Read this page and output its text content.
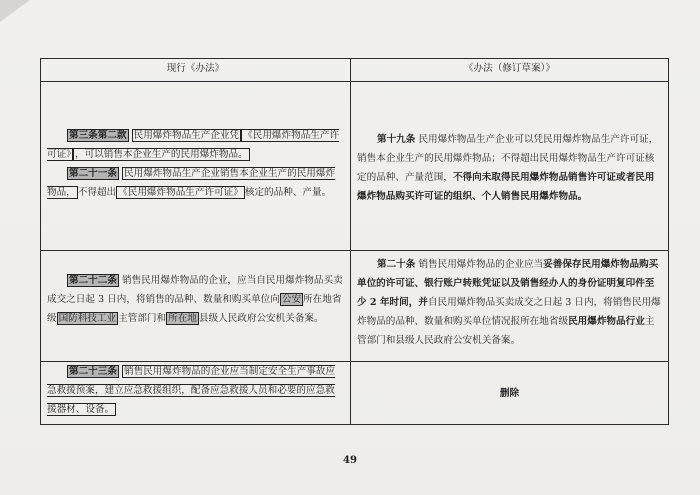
现行《办法》	《办法（修订草案）》

第三条第二款 民用爆炸物品生产企业凭 《民用爆炸物品生产许可证》 ，可以销售本企业生产的民用爆炸物品。
第二十一条 民用爆炸物品生产企业销售本企业生产的民用爆炸物品， 不得超出 《民用爆炸物品生产许可证》 核定的品种、产量。	第十九条 民用爆炸物品生产企业可以凭民用爆炸物品生产许可证，销售本企业生产的民用爆炸物品；不得超出民用爆炸物品生产许可证核定的品种、产量范围，不得向未取得民用爆炸物品销售许可证或者民用爆炸物品购买许可证的组织、个人销售民用爆炸物品。

第二十二条 销售民用爆炸物品的企业，应当自民用爆炸物品买卖成交之日起 3 日内，将销售的品种、数量和购买单位向 公安 所在地省级 国防科技工业 主管部门和 所在地 县级人民政府公安机关备案。	第二十条 销售民用爆炸物品的企业应当妥善保存民用爆炸物品购买单位的许可证、银行账户转账凭证以及销售经办人的身份证明复印件至少 2 年时间，并自民用爆炸物品买卖成交之日起 3 日内，将销售民用爆炸物品的品种、数量和购买单位情况报所在地省级民用爆炸物品行业主管部门和县级人民政府公安机关备案。

第二十三条 销售民用爆炸物品的企业应当制定安全生产事故应急救援预案，建立应急救援组织，配备应急救援人员和必要的应急救援器材、设备。	删除
49
